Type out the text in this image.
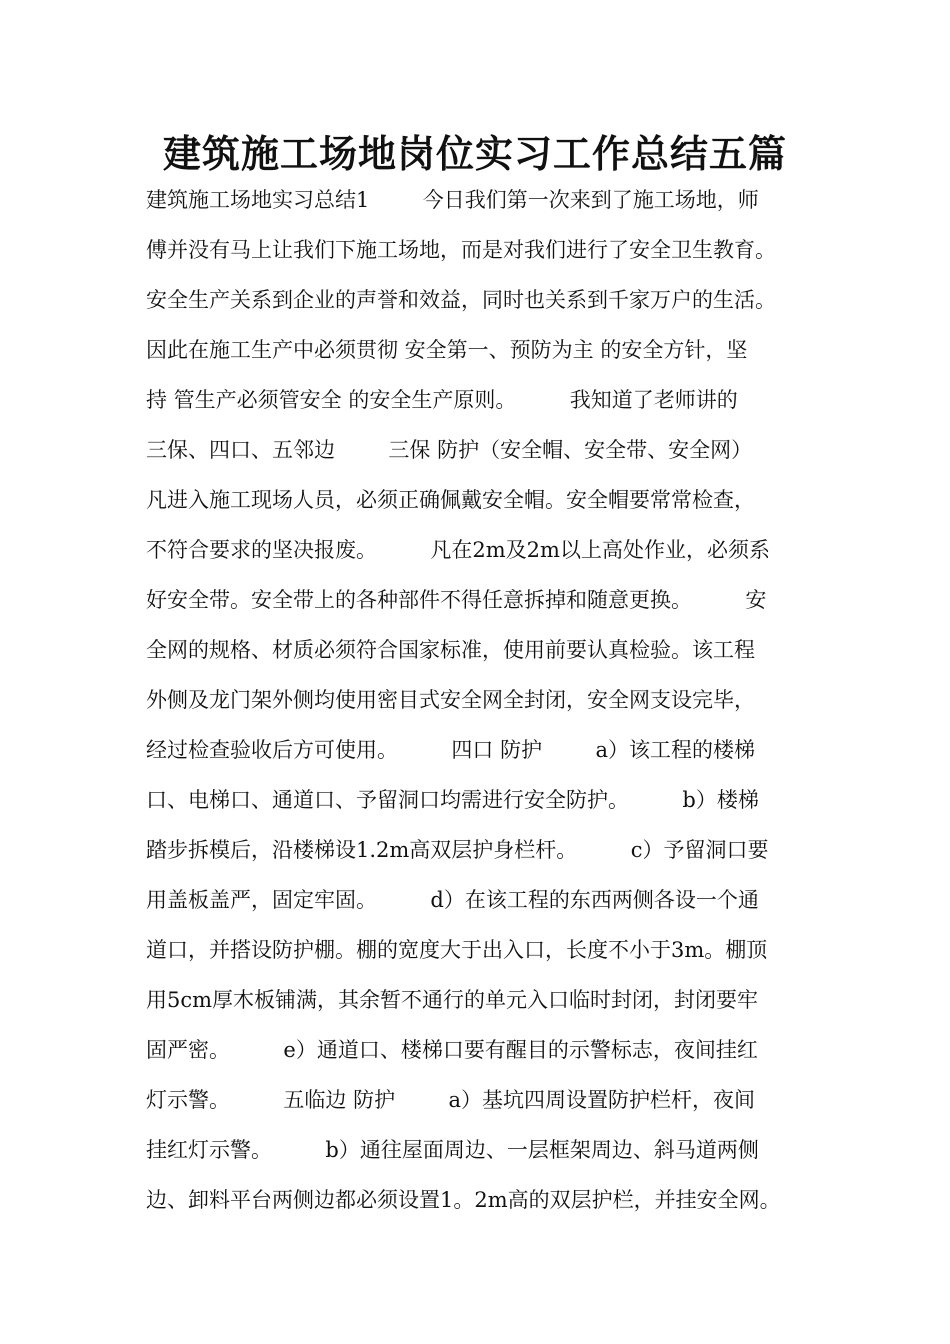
建筑施工场地岗位实习工作总结五篇
建筑施工场地实习总结1        今日我们第一次来到了施工场地，师
傅并没有马上让我们下施工场地，而是对我们进行了安全卫生教育。
安全生产关系到企业的声誉和效益，同时也关系到千家万户的生活。
因此在施工生产中必须贯彻 安全第一、预防为主 的安全方针，坚
持 管生产必须管安全 的安全生产原则。        我知道了老师讲的
三保、四口、五邻边        三保 防护（安全帽、安全带、安全网）
凡进入施工现场人员，必须正确佩戴安全帽。安全帽要常常检查，
不符合要求的坚决报废。        凡在2m及2m以上高处作业，必须系
好安全带。安全带上的各种部件不得任意拆掉和随意更换。        安
全网的规格、材质必须符合国家标准，使用前要认真检验。该工程
外侧及龙门架外侧均使用密目式安全网全封闭，安全网支设完毕，
经过检查验收后方可使用。        四口 防护        a）该工程的楼梯
口、电梯口、通道口、予留洞口均需进行安全防护。        b）楼梯
踏步拆模后，沿楼梯设1.2m高双层护身栏杆。        c）予留洞口要
用盖板盖严，固定牢固。        d）在该工程的东西两侧各设一个通
道口，并搭设防护棚。棚的宽度大于出入口，长度不小于3m。棚顶
用5cm厚木板铺满，其余暂不通行的单元入口临时封闭，封闭要牢
固严密。        e）通道口、楼梯口要有醒目的示警标志，夜间挂红
灯示警。        五临边 防护        a）基坑四周设置防护栏杆，夜间
挂红灯示警。        b）通往屋面周边、一层框架周边、斜马道两侧
边、卸料平台两侧边都必须设置1。2m高的双层护栏，并挂安全网。
